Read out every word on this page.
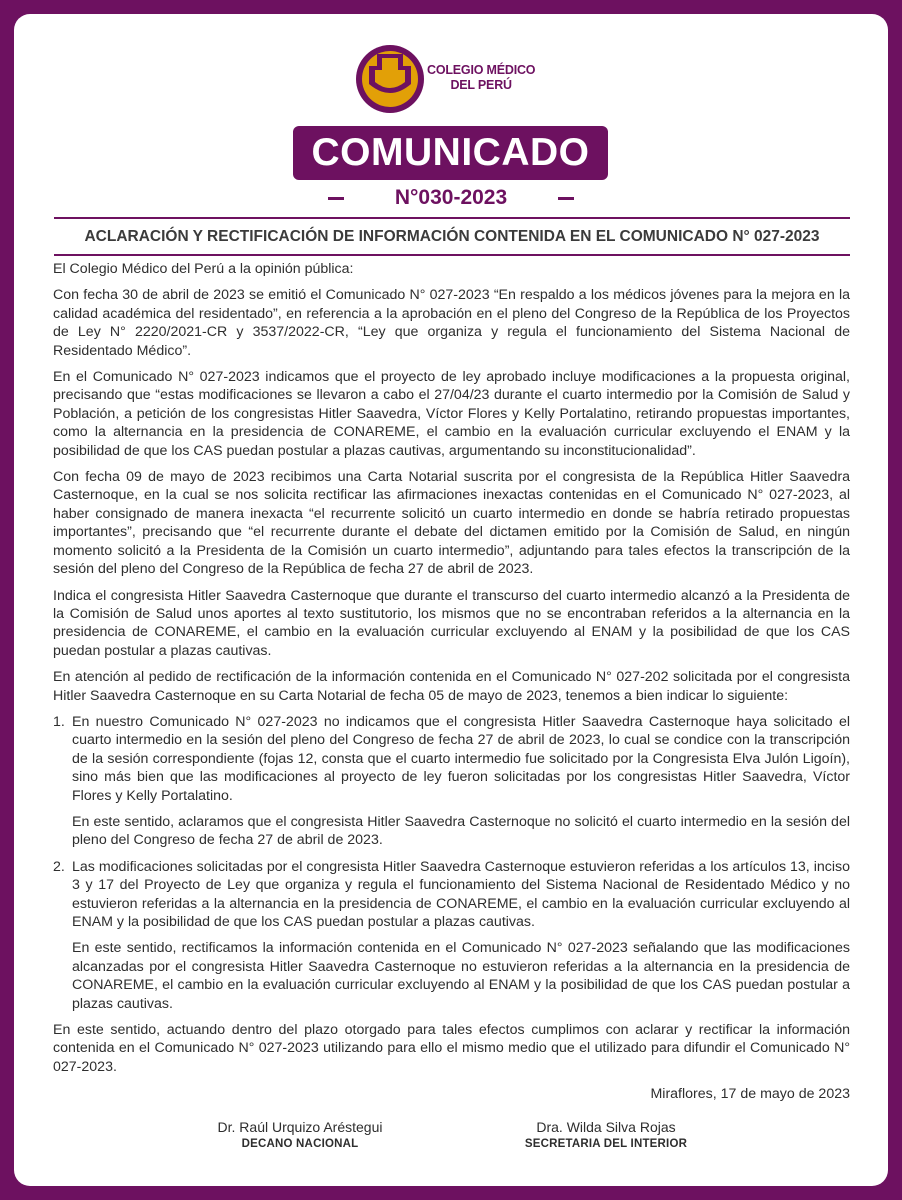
COLEGIO MÉDICO
DEL PERÚ
COMUNICADO
N°030-2023
ACLARACIÓN Y RECTIFICACIÓN DE INFORMACIÓN CONTENIDA EN EL COMUNICADO N° 027-2023

El Colegio Médico del Perú a la opinión pública:

Con fecha 30 de abril de 2023 se emitió el Comunicado N° 027-2023 “En respaldo a los médicos jóvenes para la mejora en la calidad académica del residentado”, en referencia a la aprobación en el pleno del Congreso de la República de los Proyectos de Ley N° 2220/2021-CR y 3537/2022-CR, “Ley que organiza y regula el funcionamiento del Sistema Nacional de Residentado Médico”.

En el Comunicado N° 027-2023 indicamos que el proyecto de ley aprobado incluye modificaciones a la propuesta original, precisando que “estas modificaciones se llevaron a cabo el 27/04/23 durante el cuarto intermedio por la Comisión de Salud y Población, a petición de los congresistas Hitler Saavedra, Víctor Flores y Kelly Portalatino, retirando propuestas importantes, como la alternancia en la presidencia de CONAREME, el cambio en la evaluación curricular excluyendo el ENAM y la posibilidad de que los CAS puedan postular a plazas cautivas, argumentando su inconstitucionalidad”.

Con fecha 09 de mayo de 2023 recibimos una Carta Notarial suscrita por el congresista de la República Hitler Saavedra Casternoque, en la cual se nos solicita rectificar las afirmaciones inexactas contenidas en el Comunicado N° 027-2023, al haber consignado de manera inexacta “el recurrente solicitó un cuarto intermedio en donde se habría retirado propuestas importantes”, precisando que “el recurrente durante el debate del dictamen emitido por la Comisión de Salud, en ningún momento solicitó a la Presidenta de la Comisión un cuarto intermedio”, adjuntando para tales efectos la transcripción de la sesión del pleno del Congreso de la República de fecha 27 de abril de 2023.

Indica el congresista Hitler Saavedra Casternoque que durante el transcurso del cuarto intermedio alcanzó a la Presidenta de la Comisión de Salud unos aportes al texto sustitutorio, los mismos que no se encontraban referidos a la alternancia en la presidencia de CONAREME, el cambio en la evaluación curricular excluyendo al ENAM y la posibilidad de que los CAS puedan postular a plazas cautivas.

En atención al pedido de rectificación de la información contenida en el Comunicado N° 027-202 solicitada por el congresista Hitler Saavedra Casternoque en su Carta Notarial de fecha 05 de mayo de 2023, tenemos a bien indicar lo siguiente:

1. En nuestro Comunicado N° 027-2023 no indicamos que el congresista Hitler Saavedra Casternoque haya solicitado el cuarto intermedio en la sesión del pleno del Congreso de fecha 27 de abril de 2023, lo cual se condice con la transcripción de la sesión correspondiente (fojas 12, consta que el cuarto intermedio fue solicitado por la Congresista Elva Julón Ligoín), sino más bien que las modificaciones al proyecto de ley fueron solicitadas por los congresistas Hitler Saavedra, Víctor Flores y Kelly Portalatino.

En este sentido, aclaramos que el congresista Hitler Saavedra Casternoque no solicitó el cuarto intermedio en la sesión del pleno del Congreso de fecha 27 de abril de 2023.

2. Las modificaciones solicitadas por el congresista Hitler Saavedra Casternoque estuvieron referidas a los artículos 13, inciso 3 y 17 del Proyecto de Ley que organiza y regula el funcionamiento del Sistema Nacional de Residentado Médico y no estuvieron referidas a la alternancia en la presidencia de CONAREME, el cambio en la evaluación curricular excluyendo al ENAM y la posibilidad de que los CAS puedan postular a plazas cautivas.

En este sentido, rectificamos la información contenida en el Comunicado N° 027-2023 señalando que las modificaciones alcanzadas por el congresista Hitler Saavedra Casternoque no estuvieron referidas a la alternancia en la presidencia de CONAREME, el cambio en la evaluación curricular excluyendo al ENAM y la posibilidad de que los CAS puedan postular a plazas cautivas.

En este sentido, actuando dentro del plazo otorgado para tales efectos cumplimos con aclarar y rectificar la información contenida en el Comunicado N° 027-2023 utilizando para ello el mismo medio que el utilizado para difundir el Comunicado N° 027-2023.

Miraflores, 17 de mayo de 2023
Dr. Raúl Urquizo Aréstegui
DECANO NACIONAL
Dra. Wilda Silva Rojas
SECRETARIA DEL INTERIOR
